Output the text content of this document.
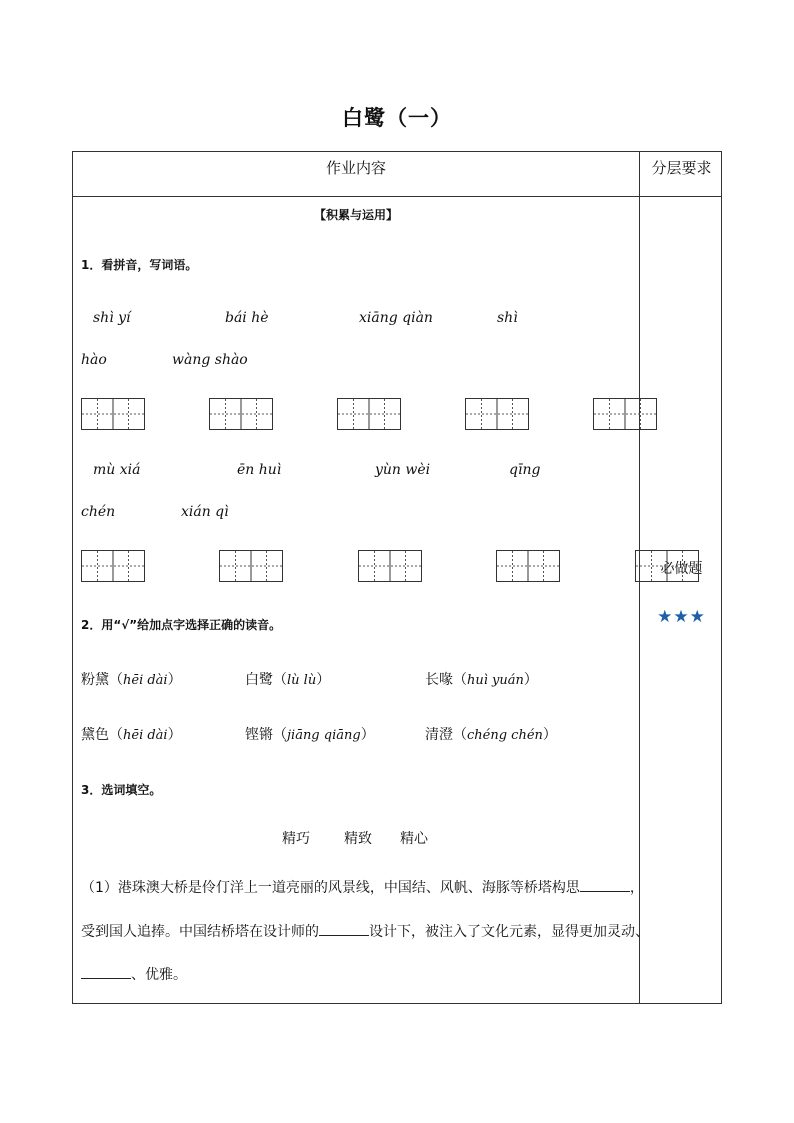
白鹭（一）
作业内容	分层要求
必做题
★★★
【积累与运用】
1．看拼音，写词语。
shì yí	bái hè	xiāng qiàn	shì
hào	wàng shào
mù xiá	ēn huì	yùn wèi	qīng
chén	xián qì
2．用“√”给加点字选择正确的读音。
粉黛（hēi dài）	白鹭（lù lù）	长喙（huì yuán）
黛色（hēi dài）	铿锵（jiāng qiāng）	清澄（chéng chén）
3．选词填空。
精巧 精致 精心
（1）港珠澳大桥是伶仃洋上一道亮丽的风景线，中国结、风帆、海豚等桥塔构思	，
受到国人追捧。中国结桥塔在设计师的	设计下，被注入了文化元素，显得更加灵动、
、优雅。
